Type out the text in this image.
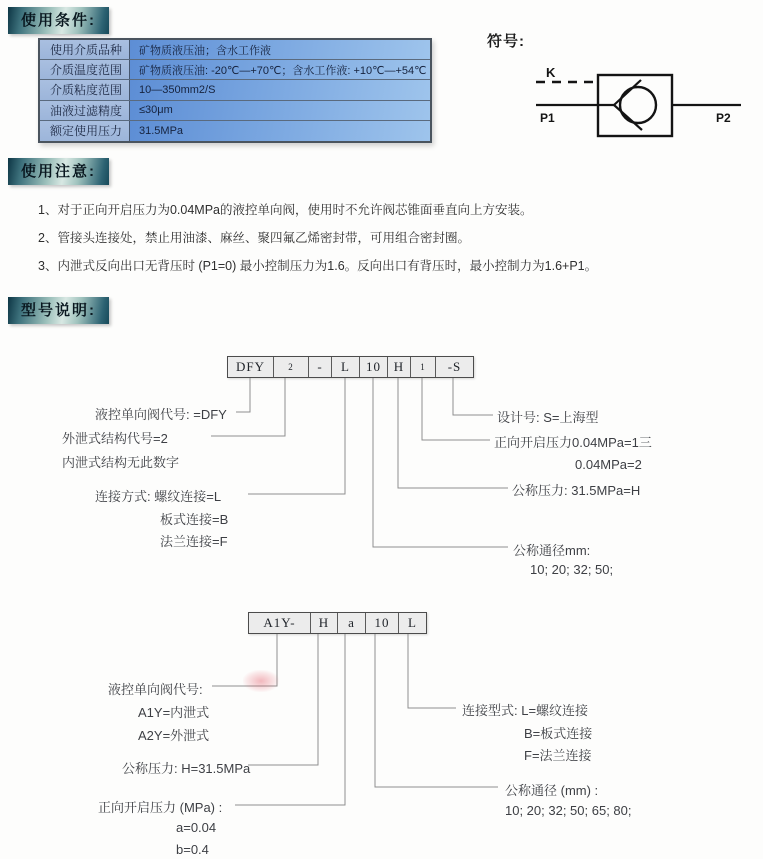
使用条件:
使用注意:
型号说明:
使用介质品种	矿物质液压油；含水工作液
介质温度范围	矿物质液压油: -20℃—+70℃；含水工作液: +10℃—+54℃
介质粘度范围	10—350mm2/S
油液过滤精度	≤30μm
额定使用压力	31.5MPa
符号:
K
P1	P2
1、对于正向开启压力为0.04MPa的液控单向阀，使用时不允许阀芯锥面垂直向上方安装。
2、管接头连接处，禁止用油漆、麻丝、聚四氟乙烯密封带，可用组合密封圈。
3、内泄式反向出口无背压时 (P1=0) 最小控制压力为1.6。反向出口有背压时，最小控制力为1.6+P1。
DFY	2	-	L	10 H	1	-S
液控单向阀代号: =DFY
外泄式结构代号=2
内泄式结构无此数字
连接方式: 螺纹连接=L
板式连接=B
法兰连接=F
设计号: S=上海型
正向开启压力0.04MPa=1三
0.04MPa=2
公称压力: 31.5MPa=H
公称通径mm:
10; 20; 32; 50;
A1Y-	H	a	10	L
液控单向阀代号:
A1Y=内泄式
A2Y=外泄式
公称压力: H=31.5MPa
正向开启压力 (MPa) :
a=0.04
b=0.4
连接型式: L=螺纹连接
B=板式连接
F=法兰连接
公称通径 (mm) :
10; 20; 32; 50; 65; 80;
